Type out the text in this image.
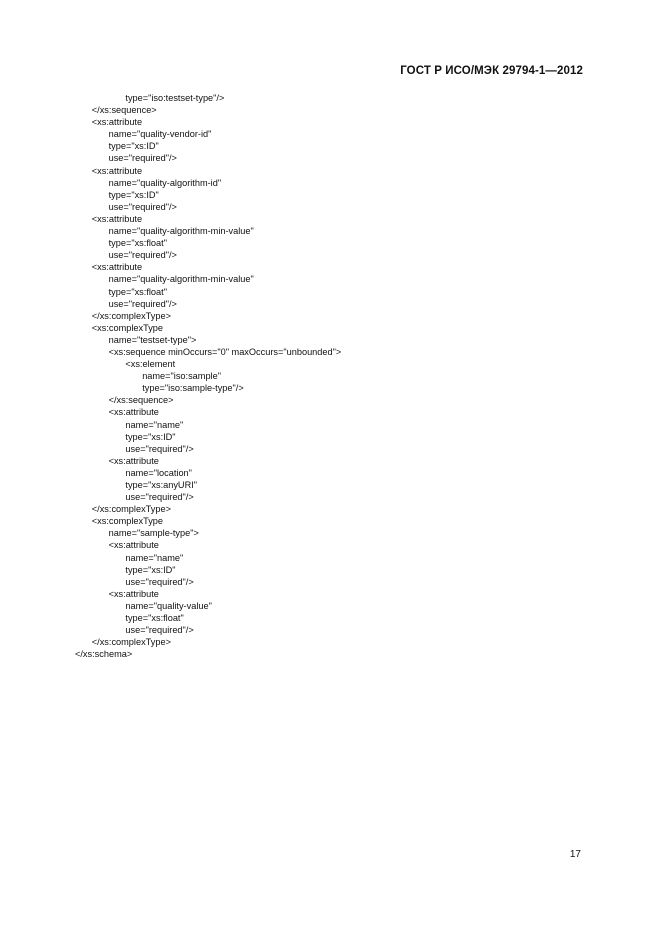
ГОСТ Р ИСО/МЭК 29794-1—2012
type="iso:testset-type"/>
</xs:sequence>
<xs:attribute
name="quality-vendor-id"
type="xs:ID"
use="required"/>
<xs:attribute
name="quality-algorithm-id"
type="xs:ID"
use="required"/>
<xs:attribute
name="quality-algorithm-min-value"
type="xs:float"
use="required"/>
<xs:attribute
name="quality-algorithm-min-value"
type="xs:float"
use="required"/>
</xs:complexType>
<xs:complexType
name="testset-type">
<xs:sequence minOccurs="0" maxOccurs="unbounded">
<xs:element
name="iso:sample"
type="iso:sample-type"/>
</xs:sequence>
<xs:attribute
name="name"
type="xs:ID"
use="required"/>
<xs:attribute
name="location"
type="xs:anyURI"
use="required"/>
</xs:complexType>
<xs:complexType
name="sample-type">
<xs:attribute
name="name"
type="xs:ID"
use="required"/>
<xs:attribute
name="quality-value"
type="xs:float"
use="required"/>
</xs:complexType>
</xs:schema>
17
